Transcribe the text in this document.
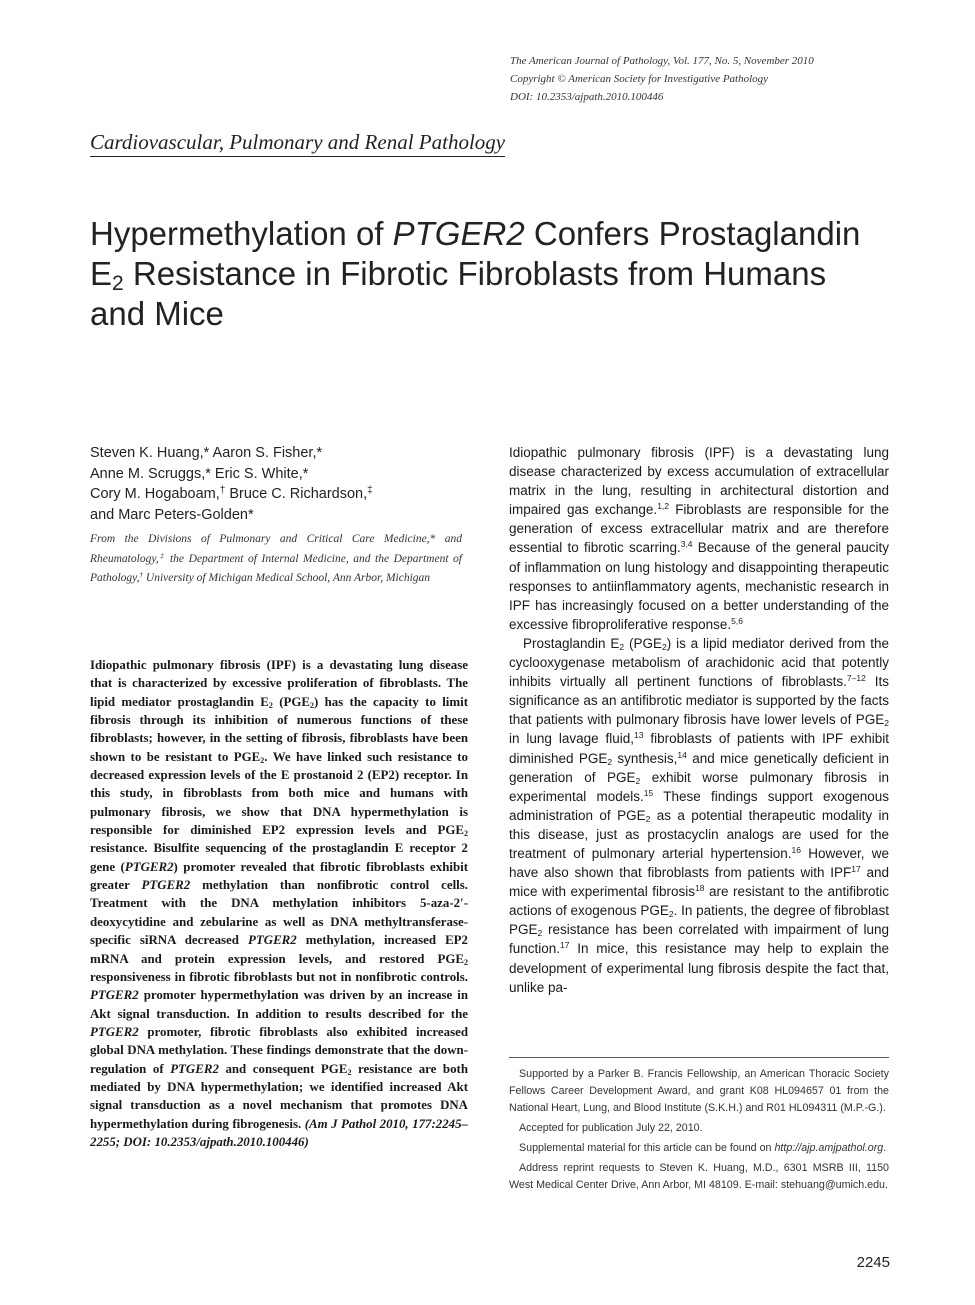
The American Journal of Pathology, Vol. 177, No. 5, November 2010
Copyright © American Society for Investigative Pathology
DOI: 10.2353/ajpath.2010.100446
Cardiovascular, Pulmonary and Renal Pathology
Hypermethylation of PTGER2 Confers Prostaglandin $E_2$ Resistance in Fibrotic Fibroblasts from Humans and Mice
Steven K. Huang,* Aaron S. Fisher,*
Anne M. Scruggs,* Eric S. White,*
Cory M. Hogaboam,† Bruce C. Richardson,‡
and Marc Peters-Golden*
From the Divisions of Pulmonary and Critical Care Medicine,* and Rheumatology,‡ the Department of Internal Medicine, and the Department of Pathology,† University of Michigan Medical School, Ann Arbor, Michigan
Idiopathic pulmonary fibrosis (IPF) is a devastating lung disease that is characterized by excessive proliferation of fibroblasts. The lipid mediator prostaglandin $E_2$ $(PGE_2)$ has the capacity to limit fibrosis through its inhibition of numerous functions of these fibroblasts; however, in the setting of fibrosis, fibroblasts have been shown to be resistant to $PGE_2$. We have linked such resistance to decreased expression levels of the E prostanoid 2 (EP2) receptor. In this study, in fibroblasts from both mice and humans with pulmonary fibrosis, we show that DNA hypermethylation is responsible for diminished EP2 expression levels and $PGE_2$ resistance. Bisulfite sequencing of the prostaglandin E receptor 2 gene (PTGER2) promoter revealed that fibrotic fibroblasts exhibit greater PTGER2 methylation than nonfibrotic control cells. Treatment with the DNA methylation inhibitors 5-aza-2′-deoxycytidine and zebularine as well as DNA methyltransferase-specific siRNA decreased PTGER2 methylation, increased EP2 mRNA and protein expression levels, and restored $PGE_2$ responsiveness in fibrotic fibroblasts but not in nonfibrotic controls. PTGER2 promoter hypermethylation was driven by an increase in Akt signal transduction. In addition to results described for the PTGER2 promoter, fibrotic fibroblasts also exhibited increased global DNA methylation. These findings demonstrate that the down-regulation of PTGER2 and consequent $PGE_2$ resistance are both mediated by DNA hypermethylation; we identified increased Akt signal transduction as a novel mechanism that promotes DNA hypermethylation during fibrogenesis. (Am J Pathol 2010, 177:2245–2255; DOI: 10.2353/ajpath.2010.100446)

Idiopathic pulmonary fibrosis (IPF) is a devastating lung disease characterized by excess accumulation of extracellular matrix in the lung, resulting in architectural distortion and impaired gas exchange.$^{1,2}$ Fibroblasts are responsible for the generation of excess extracellular matrix and are therefore essential to fibrotic scarring.$^{3,4}$ Because of the general paucity of inflammation on lung histology and disappointing therapeutic responses to antiinflammatory agents, mechanistic research in IPF has increasingly focused on a better understanding of the excessive fibroproliferative response.$^{5,6}$

Prostaglandin $E_2$ $(PGE_2)$ is a lipid mediator derived from the cyclooxygenase metabolism of arachidonic acid that potently inhibits virtually all pertinent functions of fibroblasts.$^{7-12}$ Its significance as an antifibrotic mediator is supported by the facts that patients with pulmonary fibrosis have lower levels of $PGE_2$ in lung lavage fluid,$^{13}$ fibroblasts of patients with IPF exhibit diminished $PGE_2$ synthesis,$^{14}$ and mice genetically deficient in generation of $PGE_2$ exhibit worse pulmonary fibrosis in experimental models.$^{15}$ These findings support exogenous administration of $PGE_2$ as a potential therapeutic modality in this disease, just as prostacyclin analogs are used for the treatment of pulmonary arterial hypertension.$^{16}$ However, we have also shown that fibroblasts from patients with IPF$^{17}$ and mice with experimental fibrosis$^{18}$ are resistant to the antifibrotic actions of exogenous $PGE_2$. In patients, the degree of fibroblast $PGE_2$ resistance has been correlated with impairment of lung function.$^{17}$ In mice, this resistance may help to explain the development of experimental lung fibrosis despite the fact that, unlike pa-

Supported by a Parker B. Francis Fellowship, an American Thoracic Society Fellows Career Development Award, and grant K08 HL094657 01 from the National Heart, Lung, and Blood Institute (S.K.H.) and R01 HL094311 (M.P.-G.).

Accepted for publication July 22, 2010.

Supplemental material for this article can be found on http://ajp.amjpathol.org.

Address reprint requests to Steven K. Huang, M.D., 6301 MSRB III, 1150 West Medical Center Drive, Ann Arbor, MI 48109. E-mail: stehuang@umich.edu.

2245
